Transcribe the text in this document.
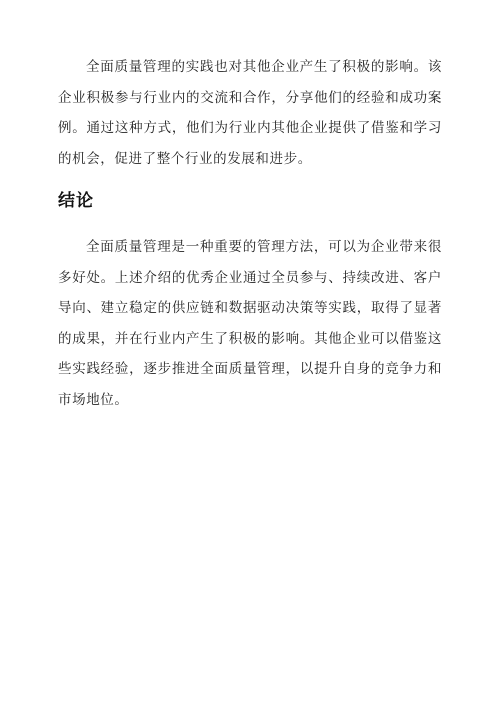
全面质量管理的实践也对其他企业产生了积极的影响。该企业积极参与行业内的交流和合作，分享他们的经验和成功案例。通过这种方式，他们为行业内其他企业提供了借鉴和学习的机会，促进了整个行业的发展和进步。

结论

全面质量管理是一种重要的管理方法，可以为企业带来很多好处。上述介绍的优秀企业通过全员参与、持续改进、客户导向、建立稳定的供应链和数据驱动决策等实践，取得了显著的成果，并在行业内产生了积极的影响。其他企业可以借鉴这些实践经验，逐步推进全面质量管理，以提升自身的竞争力和市场地位。
